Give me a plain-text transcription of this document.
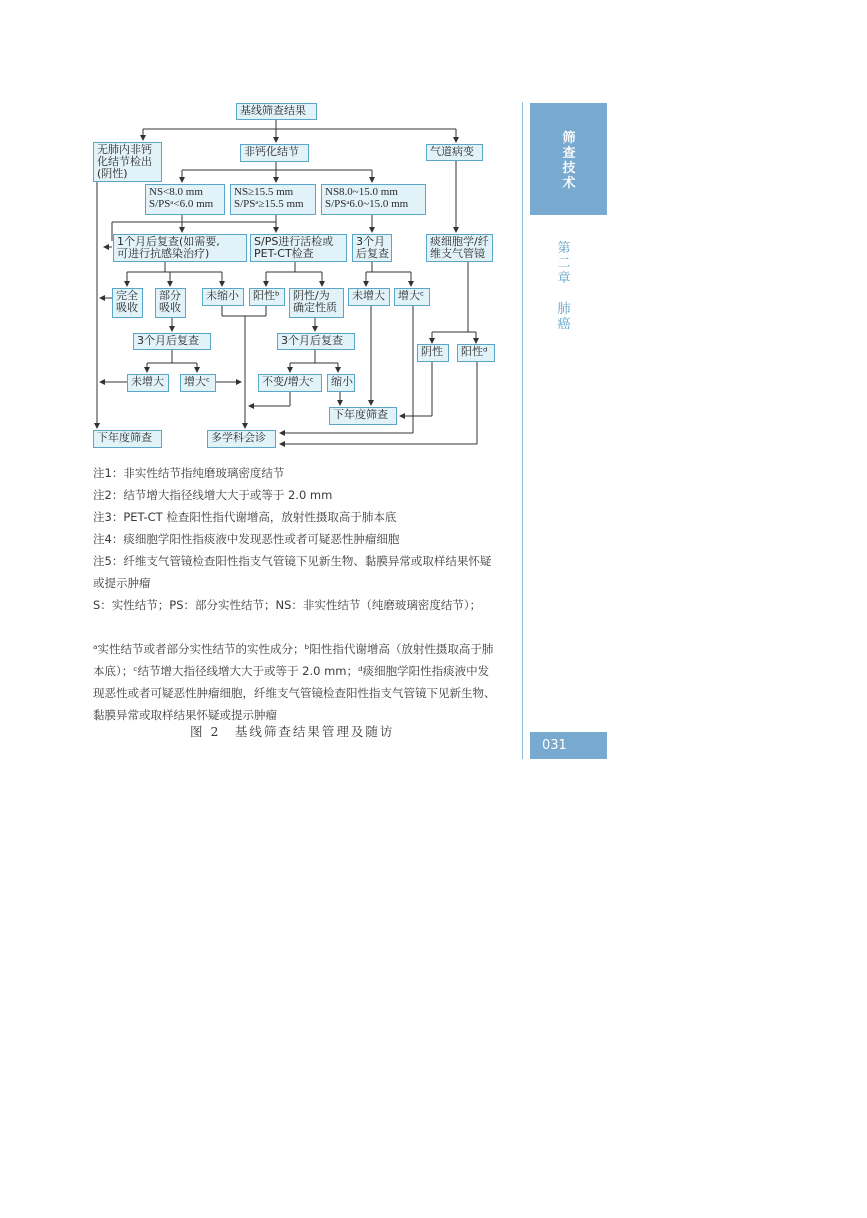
基线筛查结果
无肺内非钙
化结节检出
(阴性)
非钙化结节	气道病变
NS<8.0 mm
S/PSᵃ<6.0 mm
NS≥15.5 mm
S/PSᵃ≥15.5 mm
NS8.0~15.0 mm
S/PSᵃ6.0~15.0 mm
1个月后复查(如需要,
可进行抗感染治疗)
S/PS进行活检或
PET-CT检查
3个月
后复查
痰细胞学/纤
维支气管镜
完全
吸收
部分
吸收
未缩小	阳性ᵇ	阴性/为
确定性质
未增大	增大ᶜ
阴性	阳性ᵈ
3个月后复查	3个月后复查
未增大	增大ᶜ	不变/增大ᶜ	缩小
下年度筛查
下年度筛查	多学科会诊
注1：非实性结节指纯磨玻璃密度结节
注2：结节增大指径线增大大于或等于 2.0 mm
注3：PET-CT 检查阳性指代谢增高，放射性摄取高于肺本底
注4：痰细胞学阳性指痰液中发现恶性或者可疑恶性肿瘤细胞
注5：纤维支气管镜检查阳性指支气管镜下见新生物、黏膜异常或取样结果怀疑或提示肿瘤
S：实性结节；PS：部分实性结节；NS：非实性结节（纯磨玻璃密度结节）；
ᵃ实性结节或者部分实性结节的实性成分；ᵇ阳性指代谢增高（放射性摄取高于肺本底）；ᶜ结节增大指径线增大大于或等于 2.0 mm；ᵈ痰细胞学阳性指痰液中发现恶性或者可疑恶性肿瘤细胞，纤维支气管镜检查阳性指支气管镜下见新生物、黏膜异常或取样结果怀疑或提示肿瘤
图 2　基线筛查结果管理及随访
筛
查
技
术
第
二
章
肺
癌
031
